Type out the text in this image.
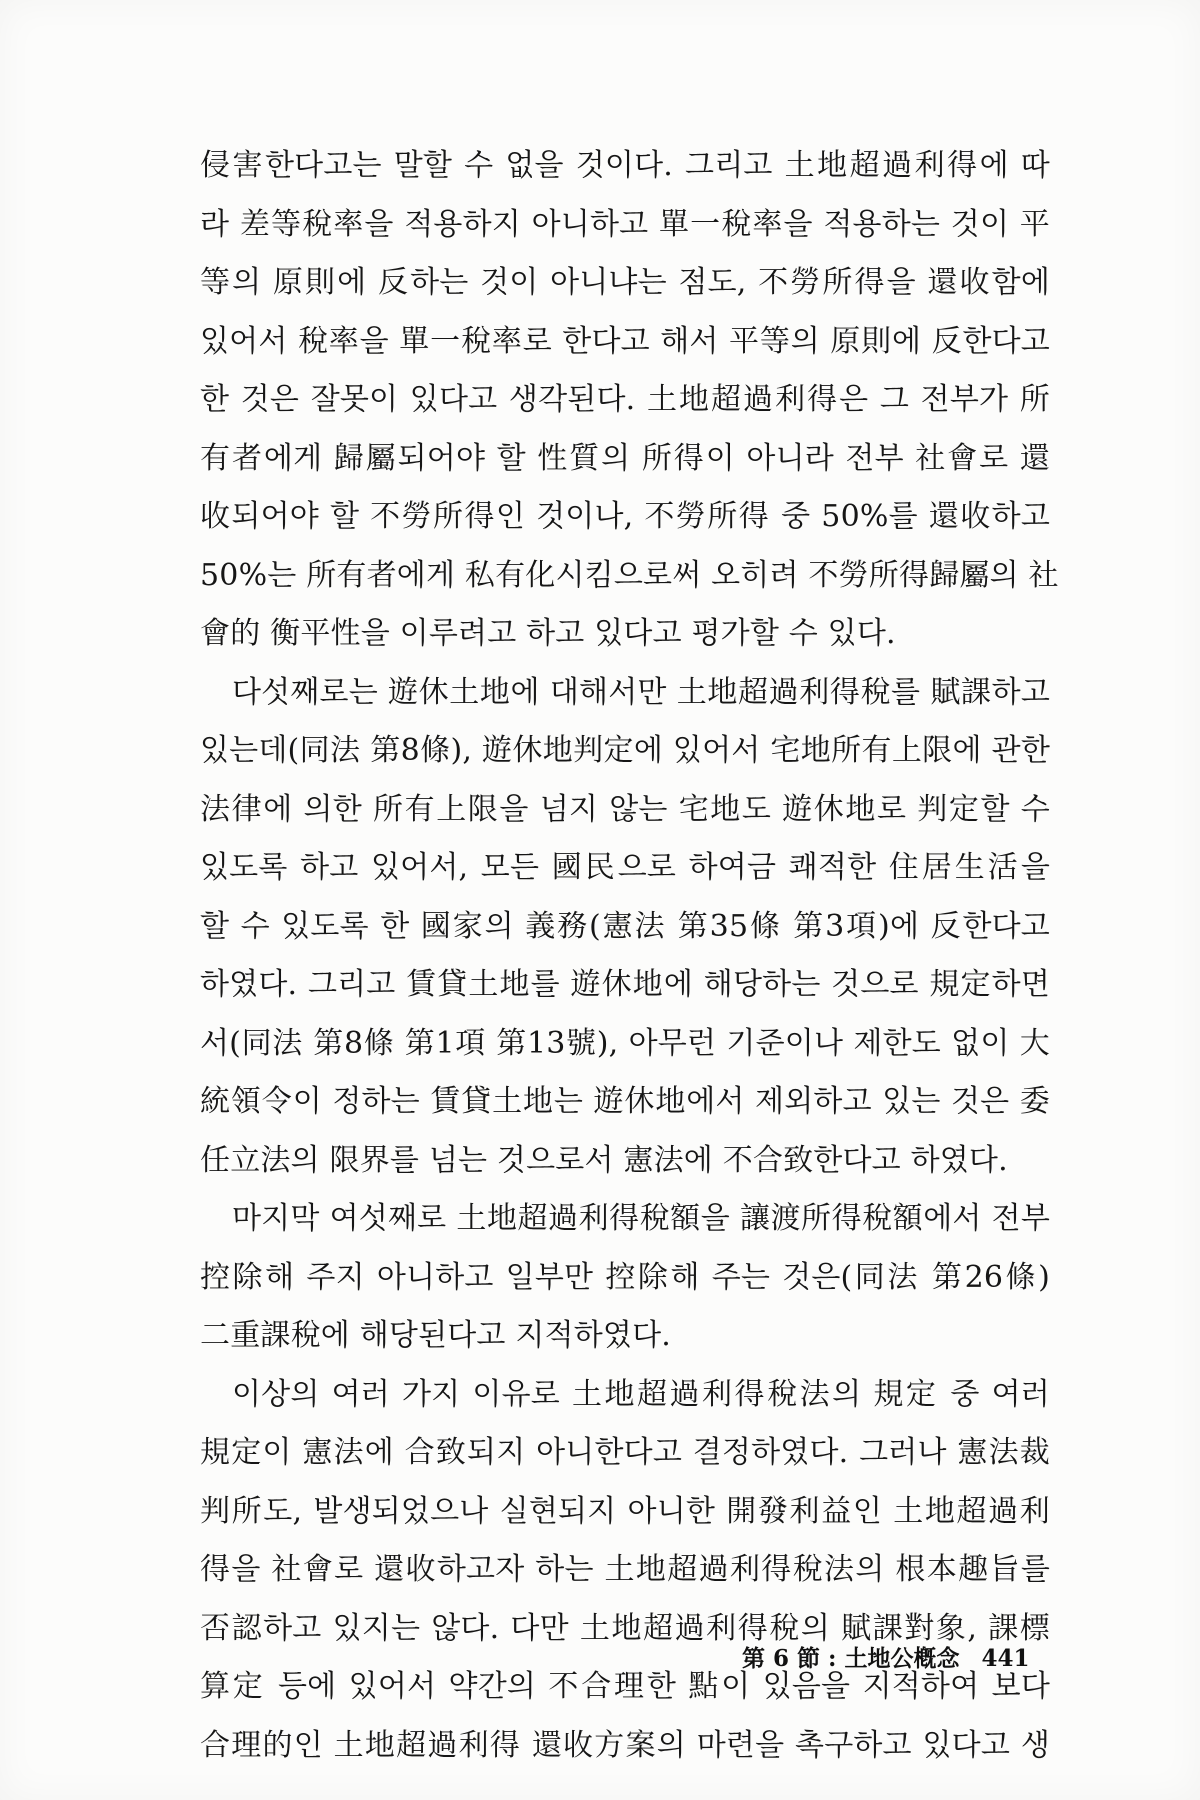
侵害한다고는 말할 수 없을 것이다. 그리고 土地超過利得에 따
라 差等稅率을 적용하지 아니하고 單一稅率을 적용하는 것이 平
等의 原則에 反하는 것이 아니냐는 점도, 不勞所得을 還收함에
있어서 稅率을 單一稅率로 한다고 해서 平等의 原則에 反한다고
한 것은 잘못이 있다고 생각된다. 土地超過利得은 그 전부가 所
有者에게 歸屬되어야 할 性質의 所得이 아니라 전부 社會로 還
收되어야 할 不勞所得인 것이나, 不勞所得 중 50%를 還收하고
50%는 所有者에게 私有化시킴으로써 오히려 不勞所得歸屬의 社
會的 衡平性을 이루려고 하고 있다고 평가할 수 있다.
다섯째로는 遊休土地에 대해서만 土地超過利得稅를 賦課하고
있는데(同法 第8條), 遊休地判定에 있어서 宅地所有上限에 관한
法律에 의한 所有上限을 넘지 않는 宅地도 遊休地로 判定할 수
있도록 하고 있어서, 모든 國民으로 하여금 쾌적한 住居生活을
할 수 있도록 한 國家의 義務(憲法 第35條 第3項)에 反한다고
하였다. 그리고 賃貸土地를 遊休地에 해당하는 것으로 規定하면
서(同法 第8條 第1項 第13號), 아무런 기준이나 제한도 없이 大
統領令이 정하는 賃貸土地는 遊休地에서 제외하고 있는 것은 委
任立法의 限界를 넘는 것으로서 憲法에 不合致한다고 하였다.
마지막 여섯째로 土地超過利得稅額을 讓渡所得稅額에서 전부
控除해 주지 아니하고 일부만 控除해 주는 것은(同法 第26條)
二重課稅에 해당된다고 지적하였다.
이상의 여러 가지 이유로 土地超過利得稅法의 規定 중 여러
規定이 憲法에 合致되지 아니한다고 결정하였다. 그러나 憲法裁
判所도, 발생되었으나 실현되지 아니한 開發利益인 土地超過利
得을 社會로 還收하고자 하는 土地超過利得稅法의 根本趣旨를
否認하고 있지는 않다. 다만 土地超過利得稅의 賦課對象, 課標
算定 등에 있어서 약간의 不合理한 點이 있음을 지적하여 보다
合理的인 土地超過利得 還收方案의 마련을 촉구하고 있다고 생
第 6 節 : 土地公槪念 441
